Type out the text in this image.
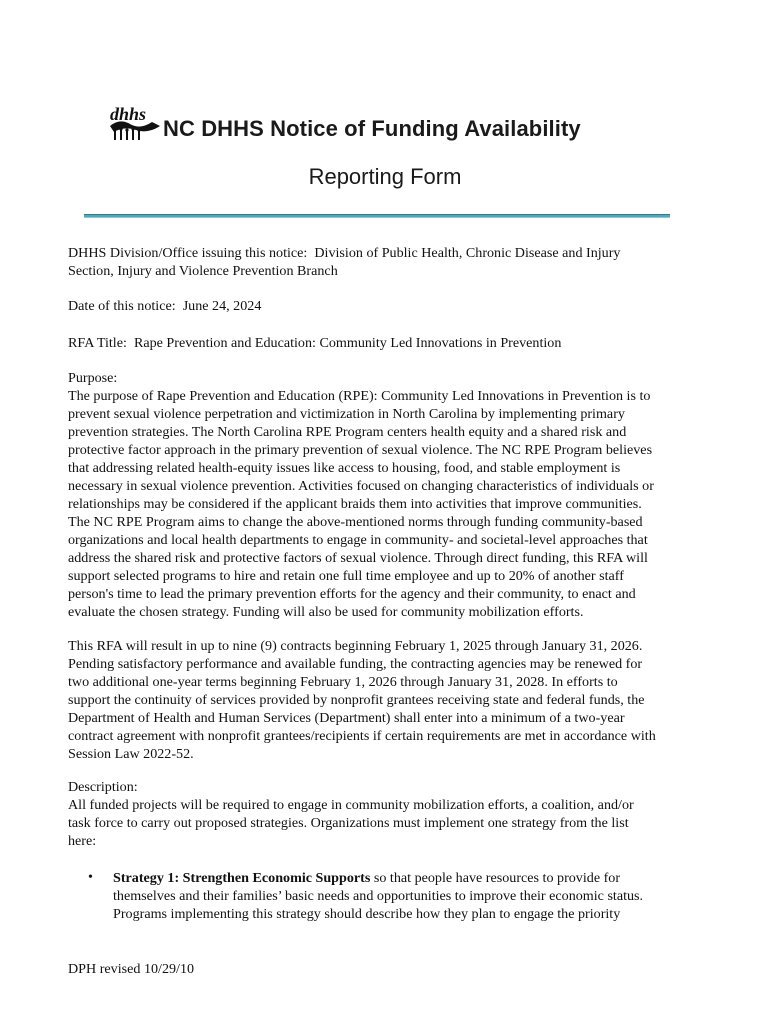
dhhs
NC DHHS Notice of Funding Availability
Reporting Form

DHHS Division/Office issuing this notice: Division of Public Health, Chronic Disease and Injury

Section, Injury and Violence Prevention Branch

Date of this notice: June 24, 2024

RFA Title: Rape Prevention and Education: Community Led Innovations in Prevention

Purpose:

The purpose of Rape Prevention and Education (RPE): Community Led Innovations in Prevention is to

prevent sexual violence perpetration and victimization in North Carolina by implementing primary

prevention strategies. The North Carolina RPE Program centers health equity and a shared risk and

protective factor approach in the primary prevention of sexual violence. The NC RPE Program believes

that addressing related health-equity issues like access to housing, food, and stable employment is

necessary in sexual violence prevention. Activities focused on changing characteristics of individuals or

relationships may be considered if the applicant braids them into activities that improve communities.

The NC RPE Program aims to change the above-mentioned norms through funding community-based

organizations and local health departments to engage in community- and societal-level approaches that

address the shared risk and protective factors of sexual violence. Through direct funding, this RFA will

support selected programs to hire and retain one full time employee and up to 20% of another staff

person's time to lead the primary prevention efforts for the agency and their community, to enact and

evaluate the chosen strategy. Funding will also be used for community mobilization efforts.

This RFA will result in up to nine (9) contracts beginning February 1, 2025 through January 31, 2026.

Pending satisfactory performance and available funding, the contracting agencies may be renewed for

two additional one-year terms beginning February 1, 2026 through January 31, 2028. In efforts to

support the continuity of services provided by nonprofit grantees receiving state and federal funds, the

Department of Health and Human Services (Department) shall enter into a minimum of a two-year

contract agreement with nonprofit grantees/recipients if certain requirements are met in accordance with

Session Law 2022-52.

Description:

All funded projects will be required to engage in community mobilization efforts, a coalition, and/or

task force to carry out proposed strategies. Organizations must implement one strategy from the list

here:

• Strategy 1: Strengthen Economic Supports so that people have resources to provide for

themselves and their families’ basic needs and opportunities to improve their economic status.

Programs implementing this strategy should describe how they plan to engage the priority

DPH revised 10/29/10
